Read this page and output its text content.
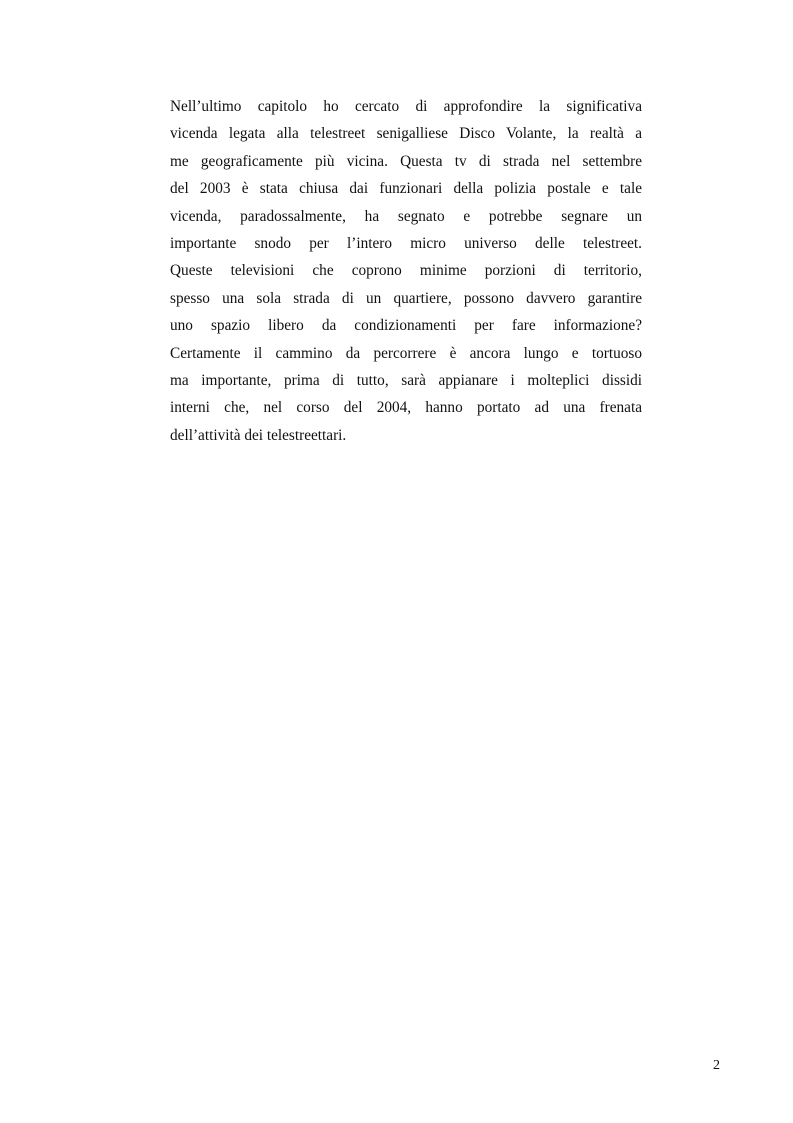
Nell’ultimo capitolo ho cercato di approfondire la significativa
vicenda legata alla telestreet senigalliese Disco Volante, la realtà a
me geograficamente più vicina. Questa tv di strada nel settembre
del 2003 è stata chiusa dai funzionari della polizia postale e tale
vicenda, paradossalmente, ha segnato e potrebbe segnare un
importante snodo per l’intero micro universo delle telestreet.
Queste televisioni che coprono minime porzioni di territorio,
spesso una sola strada di un quartiere, possono davvero garantire
uno spazio libero da condizionamenti per fare informazione?
Certamente il cammino da percorrere è ancora lungo e tortuoso
ma importante, prima di tutto, sarà appianare i molteplici dissidi
interni che, nel corso del 2004, hanno portato ad una frenata
dell’attività dei telestreettari.
2
